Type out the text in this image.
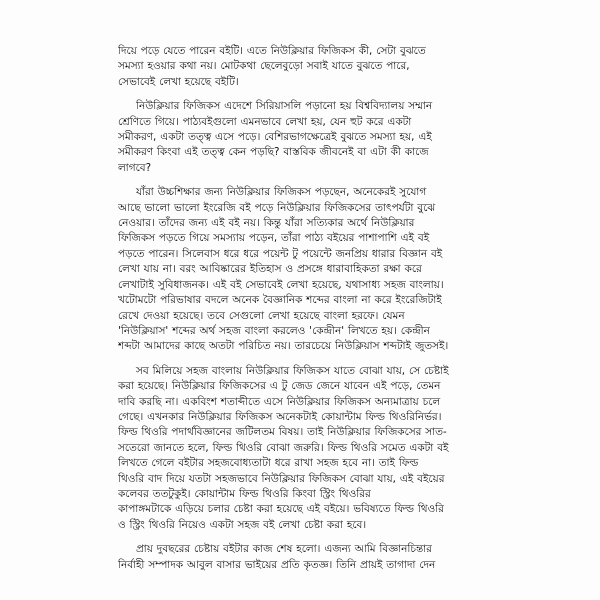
দিয়ে পড়ে যেতে পারেন বইটি। এতে নিউক্লিয়ার ফিজিকস কী, সেটা বুঝতে
সমস্যা হওয়ার কথা নয়। মোটকথা ছেলেবুড়ো সবাই যাতে বুঝতে পারে,
সেভাবেই লেখা হয়েছে বইটি।

নিউক্লিয়ার ফিজিকস এদেশে সিরিয়াসলি পড়ানো হয় বিশ্ববিদ্যালয় সম্মান
শ্রেণিতে গিয়ে। পাঠ্যবইগুলো এমনভাবে লেখা হয়, যেন হুট করে একটা
সমীকরণ, একটা তত্ত্ব এসে পড়ে। বেশিরভাগক্ষেত্রেই বুঝতে সমস্যা হয়, এই
সমীকরণ কিংবা এই তত্ত্ব কেন পড়ছি? বাস্তবিক জীবনেই বা এটা কী কাজে
লাগবে?

যাঁরা উচ্চশিক্ষার জন্য নিউক্লিয়ার ফিজিকস পড়ছেন, অনেকেরই সুযোগ
আছে ভালো ভালো ইংরেজি বই পড়ে নিউক্লিয়ার ফিজিকসের তাৎপর্যটা বুঝে
নেওয়ার। তাঁদের জন্য এই বই নয়। কিন্তু যাঁরা সত্যিকার অর্থে নিউক্লিয়ার
ফিজিকস পড়তে গিয়ে সমস্যায় পড়েন, তাঁরা পাঠ্য বইয়ের পাশাপাশি এই বই
পড়তে পারেন। সিলেবাস ধরে ধরে পয়েন্ট টু পয়েন্টে জনপ্রিয় ধারার বিজ্ঞান বই
লেখা যায় না। বরং আবিষ্কারের ইতিহাস ও প্রসঙ্গে ধারাবাহিকতা রক্ষা করে
লেখাটাই সুবিধাজনক। এই বই সেভাবেই লেখা হয়েছে, যথাসাধ্য সহজ বাংলায়।
খটোমটো পরিভাষার বদলে অনেক বৈজ্ঞানিক শব্দের বাংলা না করে ইংরেজিটাই
রেখে দেওয়া হয়েছে। তবে সেগুলো লেখা হয়েছে বাংলা হরফে। যেমন
'নিউক্লিয়াস' শব্দের অর্থ সহজ বাংলা করলেও 'কেন্দ্রীন' লিখতে হয়। কেন্দ্রীন
শব্দটা আমাদের কাছে অতটা পরিচিত নয়। তারচেয়ে নিউক্লিয়াস শব্দটাই জুতসই।

সব মিলিয়ে সহজ বাংলায় নিউক্লিয়ার ফিজিকস যাতে বোঝা যায়, সে চেষ্টাই
করা হয়েছে। নিউক্লিয়ার ফিজিকসের এ টু জেড জেনে যাবেন এই পড়ে, তেমন
দাবি করছি না। একবিংশ শতাব্দীতে এসে নিউক্লিয়ার ফিজিকস অন্যমাত্রায় চলে
গেছে। এখনকার নিউক্লিয়ার ফিজিকস অনেকটাই কোয়ান্টাম ফিল্ড থিওরিনির্ভর।
ফিল্ড থিওরি পদার্থবিজ্ঞানের জটিলতম বিষয়। তাই নিউক্লিয়ার ফিজিকসের সাত-
সতেরো জানতে হলে, ফিল্ড থিওরি বোঝা জরুরি। ফিল্ড থিওরি সমেত একটা বই
লিখতে গেলে বইটার সহজবোধ্যতাটা ধরে রাখা সহজ হবে না। তাই ফিল্ড
থিওরি বাদ দিয়ে যতটা সহজভাবে নিউক্লিয়ার ফিজিকস বোঝা যায়, এই বইয়ের
কলেবর ততটুকুই। কোয়ান্টাম ফিল্ড থিওরি কিংবা স্ট্রিং থিওরির
কাপাঙ্গমটাকে এড়িয়ে চলার চেষ্টা করা হয়েছে এই বইয়ে। ভবিষ্যতে ফিল্ড থিওরি
ও স্ট্রিং থিওরি নিয়েও একটা সহজ বই লেখা চেষ্টা করা হবে।

প্রায় দুবছরের চেষ্টায় বইটার কাজ শেষ হলো। এজন্য আমি বিজ্ঞানচিন্তার
নির্বাহী সম্পাদক আবুল বাসার ভাইয়ের প্রতি কৃতজ্ঞ। তিনি প্রায়ই তাগাদা দেন
